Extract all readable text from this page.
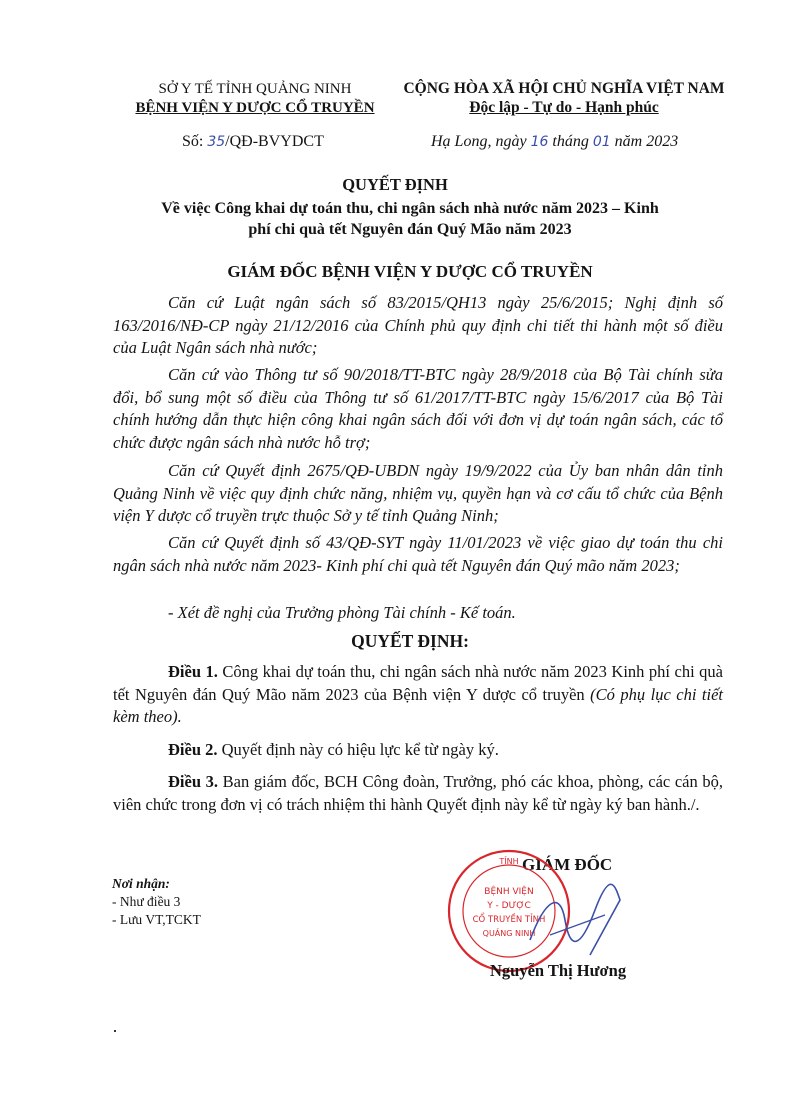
SỞ Y TẾ TỈNH QUẢNG NINH
BỆNH VIỆN Y DƯỢC CỔ TRUYỀN
CỘNG HÒA XÃ HỘI CHỦ NGHĨA VIỆT NAM
Độc lập - Tự do - Hạnh phúc
Số: 35/QĐ-BVYDCT	Hạ Long, ngày 16 tháng 01 năm 2023
QUYẾT ĐỊNH
Về việc Công khai dự toán thu, chi ngân sách nhà nước năm 2023 – Kinh
phí chi quà tết Nguyên đán Quý Mão năm 2023
GIÁM ĐỐC BỆNH VIỆN Y DƯỢC CỔ TRUYỀN
Căn cứ Luật ngân sách số 83/2015/QH13 ngày 25/6/2015; Nghị định số 163/2016/NĐ-CP ngày 21/12/2016 của Chính phủ quy định chi tiết thi hành một số điều của Luật Ngân sách nhà nước;
Căn cứ vào Thông tư số 90/2018/TT-BTC ngày 28/9/2018 của Bộ Tài chính sửa đổi, bổ sung một số điều của Thông tư số 61/2017/TT-BTC ngày 15/6/2017 của Bộ Tài chính hướng dẫn thực hiện công khai ngân sách đối với đơn vị dự toán ngân sách, các tổ chức được ngân sách nhà nước hỗ trợ;
Căn cứ Quyết định 2675/QĐ-UBDN ngày 19/9/2022 của Ủy ban nhân dân tỉnh Quảng Ninh về việc quy định chức năng, nhiệm vụ, quyền hạn và cơ cấu tổ chức của Bệnh viện Y dược cổ truyền trực thuộc Sở y tế tỉnh Quảng Ninh;
Căn cứ Quyết định số 43/QĐ-SYT ngày 11/01/2023 về việc giao dự toán thu chi ngân sách nhà nước năm 2023- Kinh phí chi quà tết Nguyên đán Quý mão năm 2023;
- Xét đề nghị của Trưởng phòng Tài chính - Kế toán.
QUYẾT ĐỊNH:
Điều 1. Công khai dự toán thu, chi ngân sách nhà nước năm 2023 Kinh phí chi quà tết Nguyên đán Quý Mão năm 2023 của Bệnh viện Y dược cổ truyền (Có phụ lục chi tiết kèm theo).
Điều 2. Quyết định này có hiệu lực kể từ ngày ký.
Điều 3. Ban giám đốc, BCH Công đoàn, Trưởng, phó các khoa, phòng, các cán bộ, viên chức trong đơn vị có trách nhiệm thi hành Quyết định này kể từ ngày ký ban hành./.
Nơi nhận:
- Như điều 3
- Lưu VT,TCKT
GIÁM ĐỐC
TỈNH
BỆNH VIỆN
Y - DƯỢC
CỔ TRUYỀN TỈNH
QUẢNG NINH
Nguyễn Thị Hương
